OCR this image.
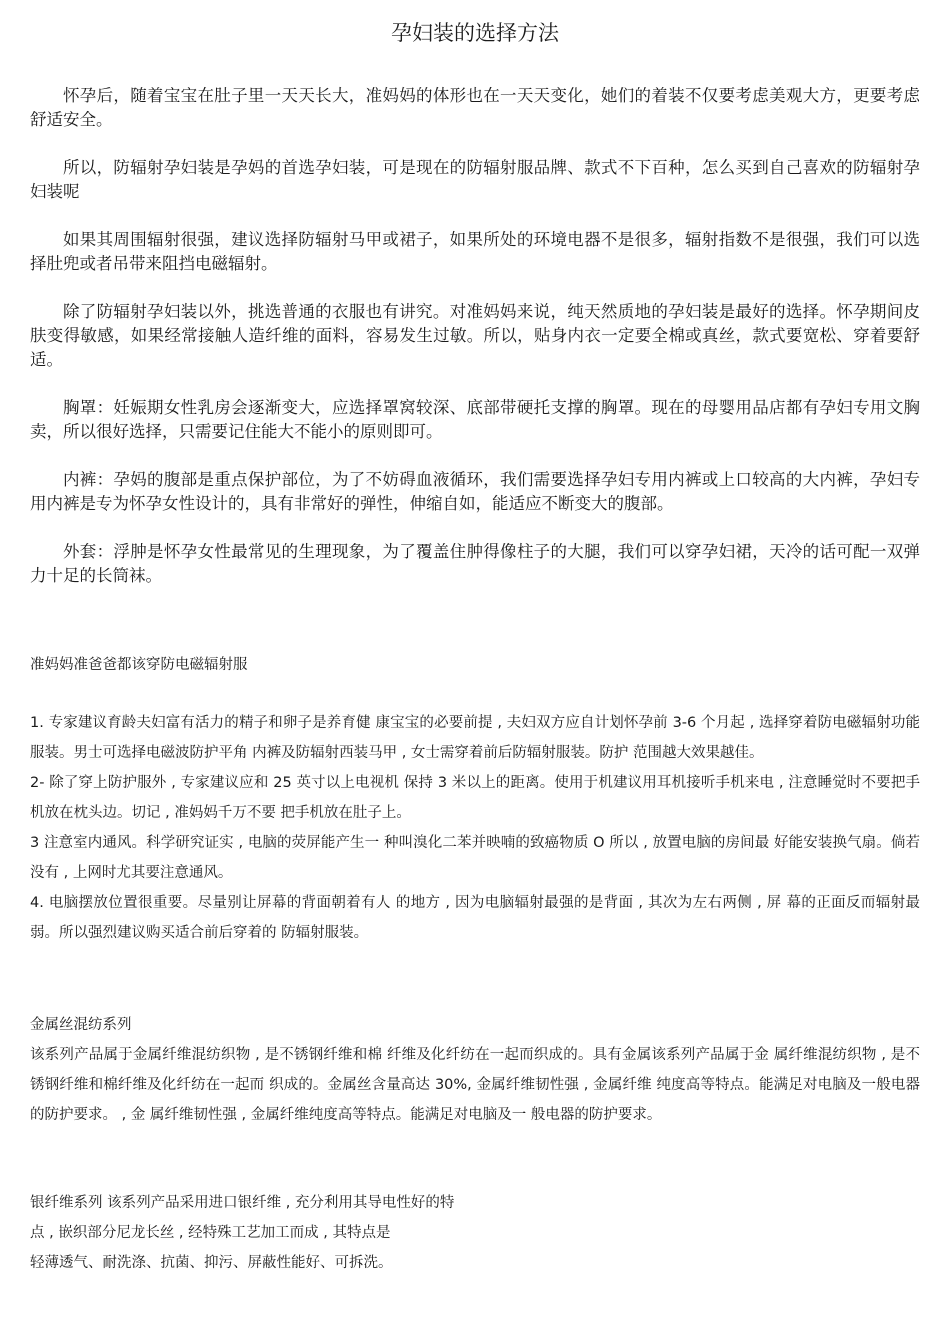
孕妇装的选择方法

怀孕后，随着宝宝在肚子里一天天长大，准妈妈的体形也在一天天变化，她们的着装不仅要考虑美观大方，更要考虑舒适安全。

所以，防辐射孕妇装是孕妈的首选孕妇装，可是现在的防辐射服品牌、款式不下百种，怎么买到自己喜欢的防辐射孕妇装呢

如果其周围辐射很强，建议选择防辐射马甲或裙子，如果所处的环境电器不是很多，辐射指数不是很强，我们可以选择肚兜或者吊带来阻挡电磁辐射。

除了防辐射孕妇装以外，挑选普通的衣服也有讲究。对准妈妈来说，纯天然质地的孕妇装是最好的选择。怀孕期间皮肤变得敏感，如果经常接触人造纤维的面料，容易发生过敏。所以，贴身内衣一定要全棉或真丝，款式要宽松、穿着要舒适。

胸罩：妊娠期女性乳房会逐渐变大，应选择罩窝较深、底部带硬托支撑的胸罩。现在的母婴用品店都有孕妇专用文胸卖，所以很好选择，只需要记住能大不能小的原则即可。

内裤：孕妈的腹部是重点保护部位，为了不妨碍血液循环，我们需要选择孕妇专用内裤或上口较高的大内裤，孕妇专用内裤是专为怀孕女性设计的，具有非常好的弹性，伸缩自如，能适应不断变大的腹部。

外套：浮肿是怀孕女性最常见的生理现象，为了覆盖住肿得像柱子的大腿，我们可以穿孕妇裙，天冷的话可配一双弹力十足的长筒袜。

准妈妈准爸爸都该穿防电磁辐射服

1. 专家建议育龄夫妇富有活力的精子和卵子是养育健 康宝宝的必要前提 , 夫妇双方应自计划怀孕前 3-6 个月起 , 选择穿着防电磁辐射功能服装。男士可选择电磁波防护平角 内裤及防辐射西装马甲 , 女士需穿着前后防辐射服装。防护 范围越大效果越佳。

2- 除了穿上防护服外 , 专家建议应和 25 英寸以上电视机 保持 3 米以上的距离。使用于机建议用耳机接听手机来电 , 注意睡觉时不要把手机放在枕头边。切记 , 准妈妈千万不要 把手机放在肚子上。

3 注意室内通风。科学研究证实 , 电脑的荧屏能产生一 种叫溴化二苯并映喃的致癌物质 O 所以 , 放置电脑的房间最 好能安装换气扇。倘若没有 , 上网时尤其要注意通风。

4. 电脑摆放位置很重要。尽量别让屏幕的背面朝着有人 的地方 , 因为电脑辐射最强的是背面 , 其次为左右两侧 , 屏 幕的正面反而辐射最弱。所以强烈建议购买适合前后穿着的 防辐射服装。

金属丝混纺系列

该系列产品属于金属纤维混纺织物 , 是不锈钢纤维和棉 纤维及化纤纺在一起而织成的。具有金属该系列产品属于金 属纤维混纺织物 , 是不锈钢纤维和棉纤维及化纤纺在一起而 织成的。金属丝含量高达 30%, 金属纤维韧性强 , 金属纤维 纯度高等特点。能满足对电脑及一般电器的防护要求。 , 金 属纤维韧性强 , 金属纤维纯度高等特点。能满足对电脑及一 般电器的防护要求。

银纤维系列 该系列产品采用进口银纤维 , 充分利用其导电性好的特

点 , 嵌织部分尼龙长丝 , 经特殊工艺加工而成 , 其特点是

轻薄透气、耐洗涤、抗菌、抑污、屏蔽性能好、可拆洗。
